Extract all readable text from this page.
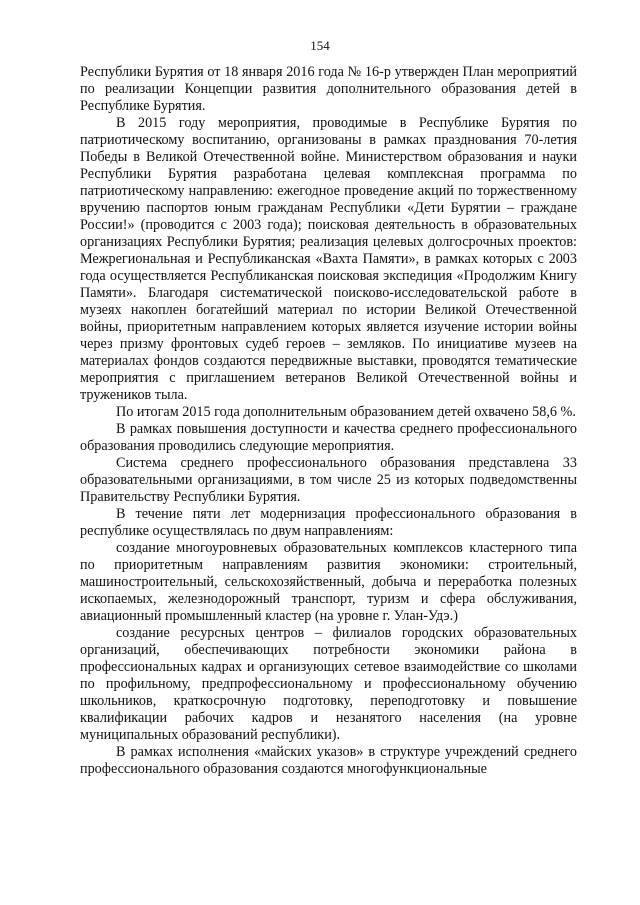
154

Республики Бурятия от 18 января 2016 года № 16-р утвержден План мероприятий по реализации Концепции развития дополнительного образования детей в Республике Бурятия.

В 2015 году мероприятия, проводимые в Республике Бурятия по патриотическому воспитанию, организованы в рамках празднования 70-летия Победы в Великой Отечественной войне. Министерством образования и науки Республики Бурятия разработана целевая комплексная программа по патриотическому направлению: ежегодное проведение акций по торжественному вручению паспортов юным гражданам Республики «Дети Бурятии – граждане России!» (проводится с 2003 года); поисковая деятельность в образовательных организациях Республики Бурятия; реализация целевых долгосрочных проектов: Межрегиональная и Республиканская «Вахта Памяти», в рамках которых с 2003 года осуществляется Республиканская поисковая экспедиция «Продолжим Книгу Памяти». Благодаря систематической поисково-исследовательской работе в музеях накоплен богатейший материал по истории Великой Отечественной войны, приоритетным направлением которых является изучение истории войны через призму фронтовых судеб героев – земляков. По инициативе музеев на материалах фондов создаются передвижные выставки, проводятся тематические мероприятия с приглашением ветеранов Великой Отечественной войны и тружеников тыла.

По итогам 2015 года дополнительным образованием детей охвачено 58,6 %.

В рамках повышения доступности и качества среднего профессионального образования проводились следующие мероприятия.

Система среднего профессионального образования представлена 33 образовательными организациями, в том числе 25 из которых подведомственны Правительству Республики Бурятия.

В течение пяти лет модернизация профессионального образования в республике осуществлялась по двум направлениям:

создание многоуровневых образовательных комплексов кластерного типа по приоритетным направлениям развития экономики: строительный, машиностроительный, сельскохозяйственный, добыча и переработка полезных ископаемых, железнодорожный транспорт, туризм и сфера обслуживания, авиационный промышленный кластер (на уровне г. Улан-Удэ.)

создание ресурсных центров – филиалов городских образовательных организаций, обеспечивающих потребности экономики района в профессиональных кадрах и организующих сетевое взаимодействие со школами по профильному, предпрофессиональному и профессиональному обучению школьников, краткосрочную подготовку, переподготовку и повышение квалификации рабочих кадров и незанятого населения (на уровне муниципальных образований республики).

В рамках исполнения «майских указов» в структуре учреждений среднего профессионального образования создаются многофункциональные
